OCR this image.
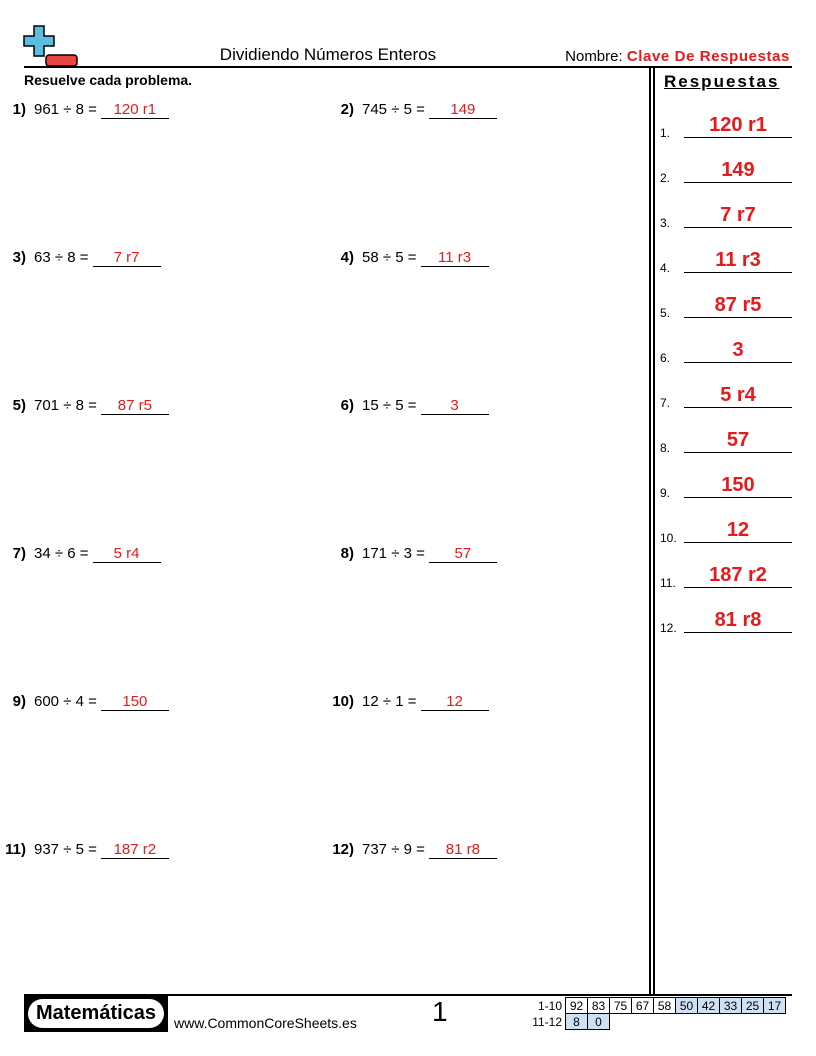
Dividiendo Números Enteros	Nombre: Clave De Respuestas
Resuelve cada problema.	Respuestas
1) 961 ÷ 8 = 120 r1	2) 745 ÷ 5 = 149
3) 63 ÷ 8 = 7 r7	4) 58 ÷ 5 = 11 r3
5) 701 ÷ 8 = 87 r5	6) 15 ÷ 5 = 3
7) 34 ÷ 6 = 5 r4	8) 171 ÷ 3 = 57
9) 600 ÷ 4 = 150	10) 12 ÷ 1 = 12
11) 937 ÷ 5 = 187 r2	12) 737 ÷ 9 = 81 r8
1.	120 r1
2.	149
3.	7 r7
4.	11 r3
5.	87 r5
6.	3
7.	5 r4
8.	57
9.	150
10.	12
11.	187 r2
12.	81 r8
Matemáticas	www.CommonCoreSheets.es	1	1-10	92	83	75	67	58	50	42	33	25	17
11-12	8	0								
